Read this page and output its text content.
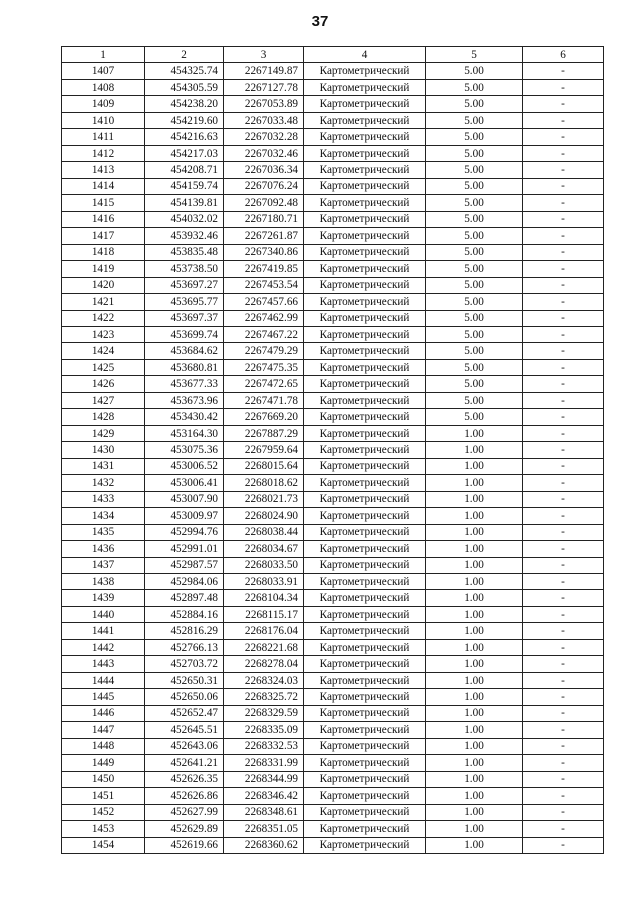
37
1	2	3	4	5	6
1407	454325.74	2267149.87	Картометрический	5.00	-
1408	454305.59	2267127.78	Картометрический	5.00	-
1409	454238.20	2267053.89	Картометрический	5.00	-
1410	454219.60	2267033.48	Картометрический	5.00	-
1411	454216.63	2267032.28	Картометрический	5.00	-
1412	454217.03	2267032.46	Картометрический	5.00	-
1413	454208.71	2267036.34	Картометрический	5.00	-
1414	454159.74	2267076.24	Картометрический	5.00	-
1415	454139.81	2267092.48	Картометрический	5.00	-
1416	454032.02	2267180.71	Картометрический	5.00	-
1417	453932.46	2267261.87	Картометрический	5.00	-
1418	453835.48	2267340.86	Картометрический	5.00	-
1419	453738.50	2267419.85	Картометрический	5.00	-
1420	453697.27	2267453.54	Картометрический	5.00	-
1421	453695.77	2267457.66	Картометрический	5.00	-
1422	453697.37	2267462.99	Картометрический	5.00	-
1423	453699.74	2267467.22	Картометрический	5.00	-
1424	453684.62	2267479.29	Картометрический	5.00	-
1425	453680.81	2267475.35	Картометрический	5.00	-
1426	453677.33	2267472.65	Картометрический	5.00	-
1427	453673.96	2267471.78	Картометрический	5.00	-
1428	453430.42	2267669.20	Картометрический	5.00	-
1429	453164.30	2267887.29	Картометрический	1.00	-
1430	453075.36	2267959.64	Картометрический	1.00	-
1431	453006.52	2268015.64	Картометрический	1.00	-
1432	453006.41	2268018.62	Картометрический	1.00	-
1433	453007.90	2268021.73	Картометрический	1.00	-
1434	453009.97	2268024.90	Картометрический	1.00	-
1435	452994.76	2268038.44	Картометрический	1.00	-
1436	452991.01	2268034.67	Картометрический	1.00	-
1437	452987.57	2268033.50	Картометрический	1.00	-
1438	452984.06	2268033.91	Картометрический	1.00	-
1439	452897.48	2268104.34	Картометрический	1.00	-
1440	452884.16	2268115.17	Картометрический	1.00	-
1441	452816.29	2268176.04	Картометрический	1.00	-
1442	452766.13	2268221.68	Картометрический	1.00	-
1443	452703.72	2268278.04	Картометрический	1.00	-
1444	452650.31	2268324.03	Картометрический	1.00	-
1445	452650.06	2268325.72	Картометрический	1.00	-
1446	452652.47	2268329.59	Картометрический	1.00	-
1447	452645.51	2268335.09	Картометрический	1.00	-
1448	452643.06	2268332.53	Картометрический	1.00	-
1449	452641.21	2268331.99	Картометрический	1.00	-
1450	452626.35	2268344.99	Картометрический	1.00	-
1451	452626.86	2268346.42	Картометрический	1.00	-
1452	452627.99	2268348.61	Картометрический	1.00	-
1453	452629.89	2268351.05	Картометрический	1.00	-
1454	452619.66	2268360.62	Картометрический	1.00	-
